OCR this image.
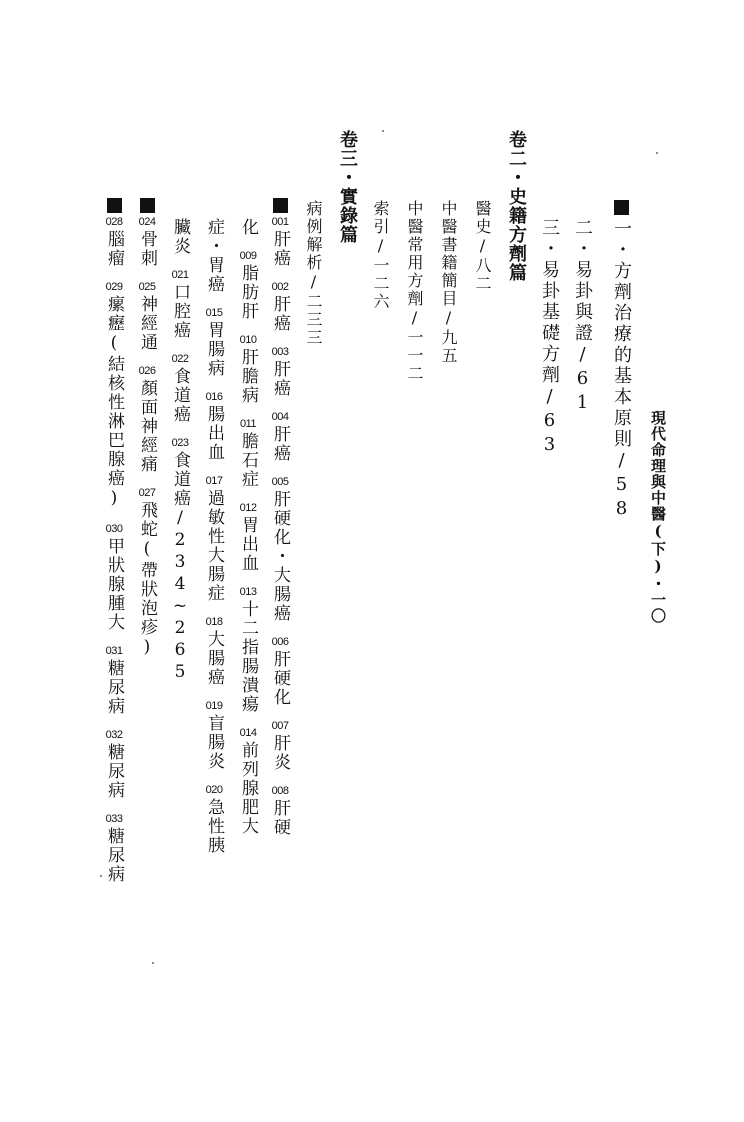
現代命理與中醫(下)・一〇
一・方劑治療的基本原則/58
二・易卦與證/61
三・易卦基礎方劑/63
卷二・史籍方劑篇
醫史/八二
中醫書籍簡目/九五
中醫常用方劑/一一二
索引/一二六
卷三・實錄篇
病例解析/二三三
001肝癌002肝癌003肝癌004肝癌005肝硬化・大腸癌006肝硬化007肝炎008肝硬
化009脂肪肝010肝膽病011膽石症012胃出血013十二指腸潰瘍014前列腺肥大
症・胃癌015胃腸病016腸出血017過敏性大腸症018大腸癌019盲腸炎020急性胰
臟炎021口腔癌022食道癌023食道癌/234~265
024骨刺025神經通026顏面神經痛027飛蛇(帶狀泡疹)
028腦瘤029瘰癧(結核性淋巴腺癌)030甲狀腺腫大031糖尿病032糖尿病033糖尿病
